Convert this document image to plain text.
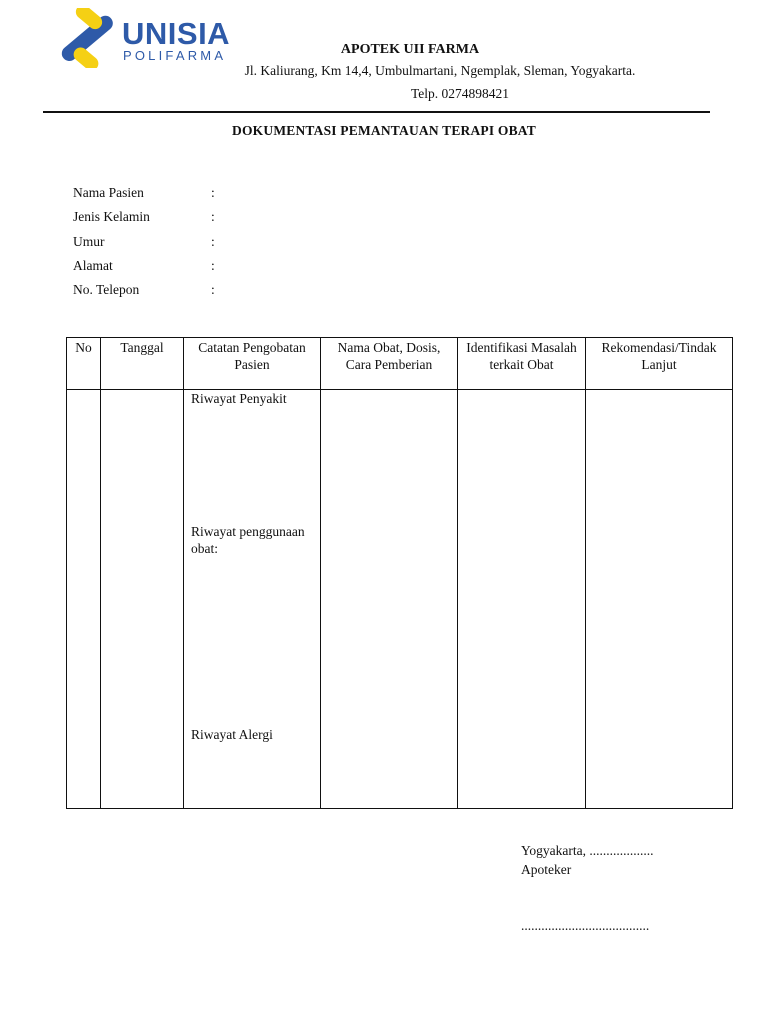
UNISIA
POLIFARMA	APOTEK UII FARMA
Jl. Kaliurang, Km 14,4, Umbulmartani, Ngemplak, Sleman, Yogyakarta.
Telp. 0274898421
DOKUMENTASI PEMANTAUAN TERAPI OBAT
Nama Pasien	:
Jenis Kelamin	:
Umur	:
Alamat	:
No. Telepon	:
No	Tanggal	Catatan Pengobatan Pasien	Nama Obat, Dosis, Cara Pemberian	Identifikasi Masalah terkait Obat	Rekomendasi/Tindak Lanjut

		Riwayat Penyakit
Riwayat penggunaan obat:
Riwayat Alergi			

Yogyakarta, ...................
Apoteker
......................................
